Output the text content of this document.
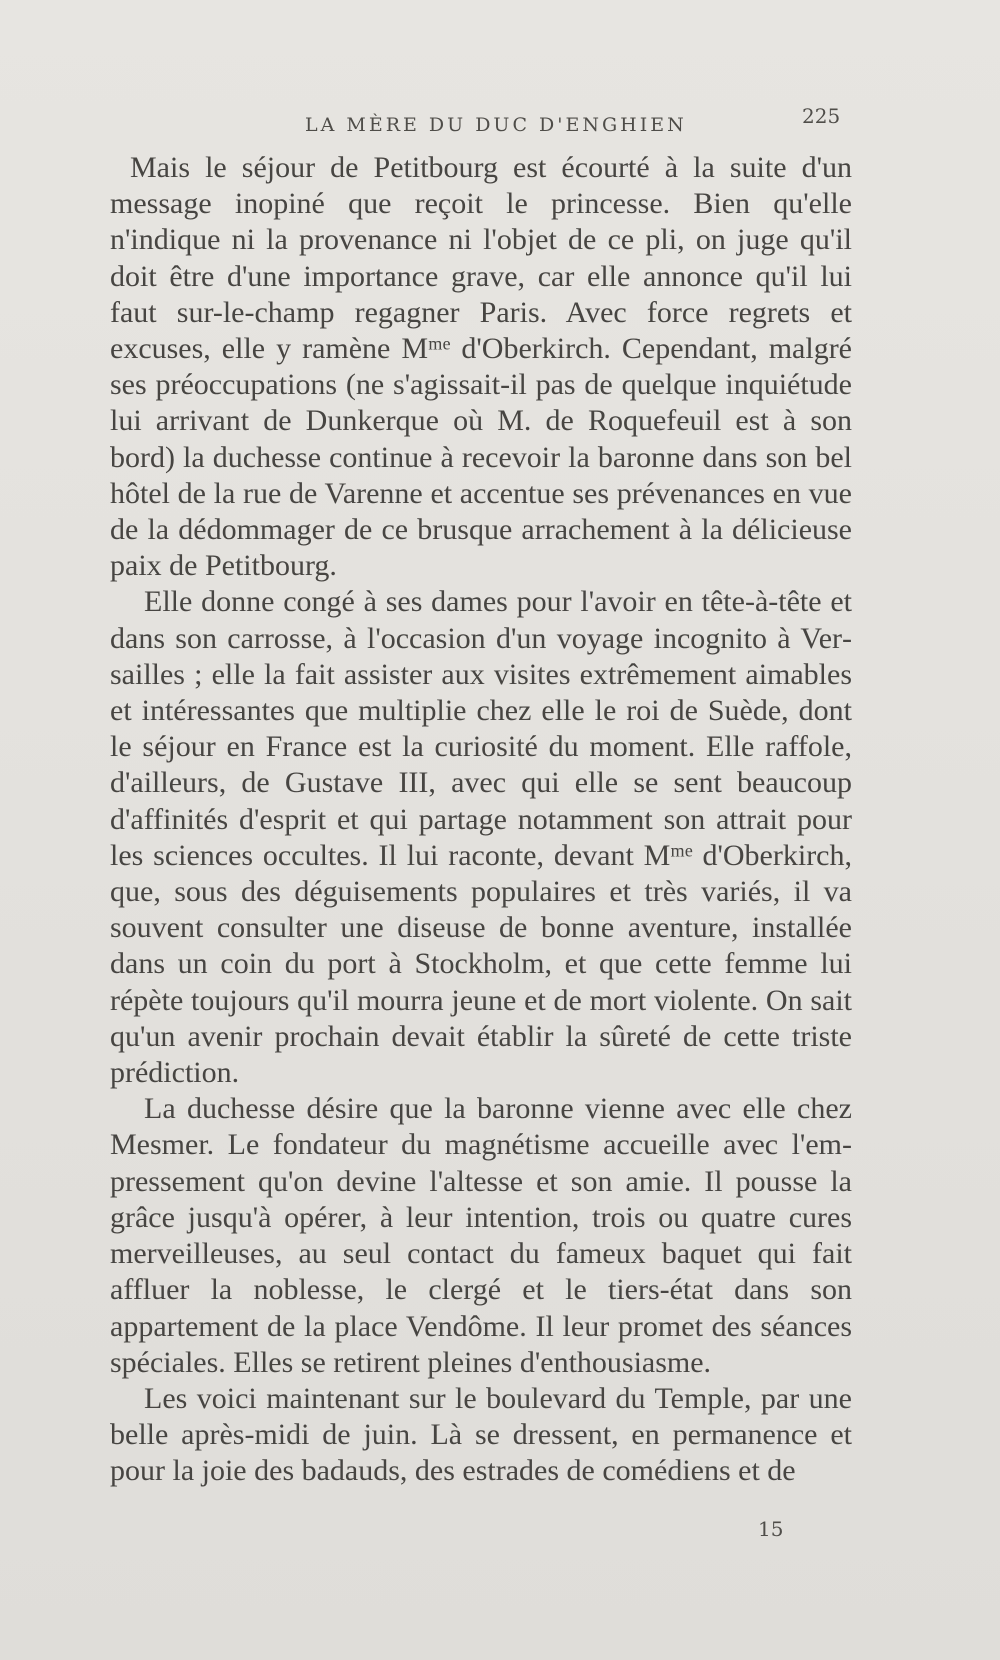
LA MÈRE DU DUC D'ENGHIEN	225

Mais le séjour de Petitbourg est écourté à la suite d'un message inopiné que reçoit le princesse. Bien qu'elle n'indique ni la provenance ni l'objet de ce pli, on juge qu'il doit être d'une importance grave, car elle annonce qu'il lui faut sur-le-champ regagner Paris. Avec force regrets et excuses, elle y ramène Mᵐᵉ d'Oberkirch. Cependant, malgré ses préoccupations (ne s'agissait-il pas de quelque inquiétude lui arrivant de Dunkerque où M. de Roquefeuil est à son bord) la duchesse continue à recevoir la baronne dans son bel hôtel de la rue de Varenne et accentue ses prévenances en vue de la dédommager de ce brusque arrachement à la délicieuse paix de Petitbourg.

Elle donne congé à ses dames pour l'avoir en tête-à-tête et dans son carrosse, à l'occasion d'un voyage incognito à Versailles ; elle la fait assister aux visites extrêmement aimables et intéressantes que multiplie chez elle le roi de Suède, dont le séjour en France est la curiosité du moment. Elle raffole, d'ailleurs, de Gustave III, avec qui elle se sent beaucoup d'affinités d'esprit et qui partage notamment son attrait pour les sciences occultes. Il lui raconte, devant Mᵐᵉ d'Oberkirch, que, sous des déguisements populaires et très variés, il va souvent consulter une diseuse de bonne aventure, installée dans un coin du port à Stockholm, et que cette femme lui répète toujours qu'il mourra jeune et de mort violente. On sait qu'un avenir prochain devait établir la sûreté de cette triste prédiction.

La duchesse désire que la baronne vienne avec elle chez Mesmer. Le fondateur du magnétisme accueille avec l'empressement qu'on devine l'altesse et son amie. Il pousse la grâce jusqu'à opérer, à leur intention, trois ou quatre cures merveilleuses, au seul contact du fameux baquet qui fait affluer la noblesse, le clergé et le tiers-état dans son appartement de la place Vendôme. Il leur promet des séances spéciales. Elles se retirent pleines d'enthousiasme.

Les voici maintenant sur le boulevard du Temple, par une belle après-midi de juin. Là se dressent, en permanence et pour la joie des badauds, des estrades de comédiens et de

15
